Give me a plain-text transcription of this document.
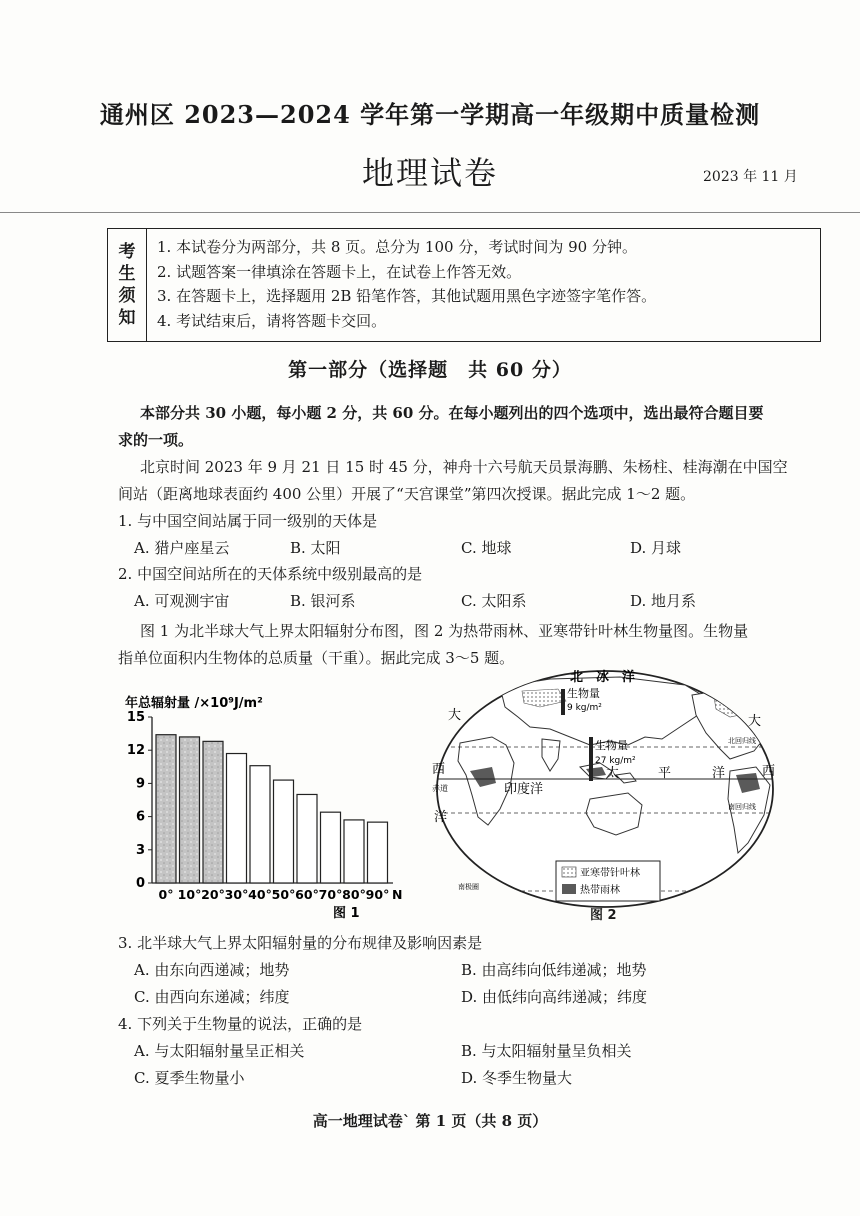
通州区 2023—2024 学年第一学期高一年级期中质量检测
地理试卷	2023 年 11 月
考
生
须
知
1. 本试卷分为两部分，共 8 页。总分为 100 分，考试时间为 90 分钟。
2. 试题答案一律填涂在答题卡上，在试卷上作答无效。
3. 在答题卡上，选择题用 2B 铅笔作答，其他试题用黑色字迹签字笔作答。
4. 考试结束后，请将答题卡交回。
第一部分（选择题　共 60 分）
本部分共 30 小题，每小题 2 分，共 60 分。在每小题列出的四个选项中，选出最符合题目要
求的一项。
北京时间 2023 年 9 月 21 日 15 时 45 分，神舟十六号航天员景海鹏、朱杨柱、桂海潮在中国空
间站（距离地球表面约 400 公里）开展了“天宫课堂”第四次授课。据此完成 1～2 题。
1. 与中国空间站属于同一级别的天体是
A. 猎户座星云	B. 太阳	C. 地球	D. 月球
2. 中国空间站所在的天体系统中级别最高的是
A. 可观测宇宙	B. 银河系	C. 太阳系	D. 地月系
图 1 为北半球大气上界太阳辐射分布图，图 2 为热带雨林、亚寒带针叶林生物量图。生物量
指单位面积内生物体的总质量（干重）。据此完成 3～5 题。
年总辐射量 /×10⁹J/m²
0
3
6
9
12
15
0° 10° 20° 30° 40° 50° 60° 70° 80° 90° N
图 1
北　冰　洋
生物量
9 kg/m²
生物量
27 kg/m²
大	大
北回归线
西	西
赤道
太	平	洋
印度洋
洋
南回归线
南极圈
亚寒带针叶林
热带雨林
图 2
3. 北半球大气上界太阳辐射量的分布规律及影响因素是
A. 由东向西递减；地势	B. 由高纬向低纬递减；地势
C. 由西向东递减；纬度	D. 由低纬向高纬递减；纬度
4. 下列关于生物量的说法，正确的是
A. 与太阳辐射量呈正相关	B. 与太阳辐射量呈负相关
C. 夏季生物量小	D. 冬季生物量大
高一地理试卷` 第 1 页（共 8 页）
